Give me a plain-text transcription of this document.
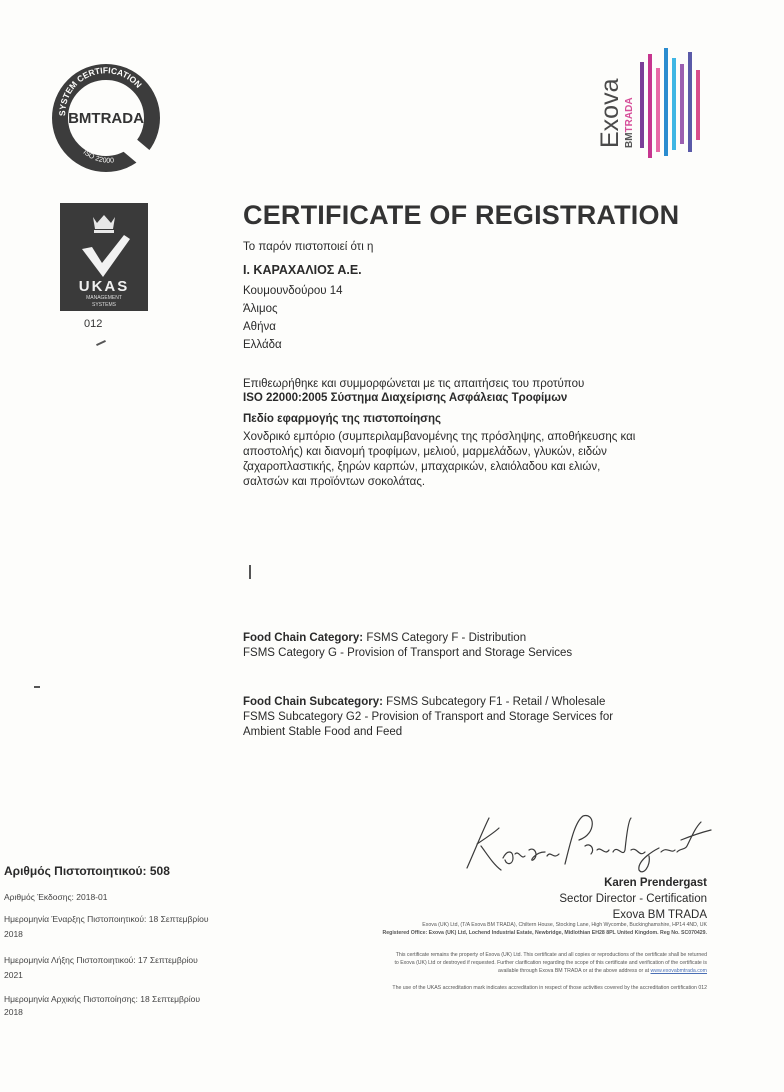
SYSTEM CERTIFICATION
ISO 22000
BMTRADA
UKAS
MANAGEMENT
SYSTEMS
012
Exova BMTRADA
CERTIFICATE OF REGISTRATION
Το παρόν πιστοποιεί ότι η
Ι. ΚΑΡΑΧΑΛΙΟΣ Α.Ε.
Κουμουνδούρου 14
Άλιμος
Αθήνα
Ελλάδα
Επιθεωρήθηκε και συμμορφώνεται με τις απαιτήσεις του προτύπου
ISO 22000:2005 Σύστημα Διαχείρισης Ασφάλειας Τροφίμων
Πεδίο εφαρμογής της πιστοποίησης
Χονδρικό εμπόριο (συμπεριλαμβανομένης της πρόσληψης, αποθήκευσης και
αποστολής) και διανομή τροφίμων, μελιού, μαρμελάδων, γλυκών, ειδών
ζαχαροπλαστικής, ξηρών καρπών, μπαχαρικών, ελαιόλαδου και ελιών,
σαλτσών και προϊόντων σοκολάτας.
Food Chain Category: FSMS Category F - Distribution
FSMS Category G - Provision of Transport and Storage Services
Food Chain Subcategory: FSMS Subcategory F1 - Retail / Wholesale
FSMS Subcategory G2 - Provision of Transport and Storage Services for
Ambient Stable Food and Feed
Αριθμός Πιστοποιητικού: 508
Αριθμός Έκδοσης: 2018-01
Ημερομηνία Έναρξης Πιστοποιητικού: 18 Σεπτεμβρίου
2018
Ημερομηνία Λήξης Πιστοποιητικού: 17 Σεπτεμβρίου
2021
Ημερομηνία Αρχικής Πιστοποίησης: 18 Σεπτεμβρίου
2018
Karen Prendergast
Sector Director - Certification
Exova BM TRADA
Exova (UK) Ltd, (T/A Exova BM TRADA), Chiltern House, Stocking Lane, High Wycombe, Buckinghamshire, HP14 4ND, UK
Registered Office: Exova (UK) Ltd, Lochend Industrial Estate, Newbridge, Midlothian EH28 8PL United Kingdom. Reg No. SC070429.
This certificate remains the property of Exova (UK) Ltd. This certificate and all copies or reproductions of the certificate shall be returned
to Exova (UK) Ltd or destroyed if requested. Further clarification regarding the scope of this certificate and verification of the certificate is
available through Exova BM TRADA or at the above address or at www.exovabmtrada.com
The use of the UKAS accreditation mark indicates accreditation in respect of those activities covered by the accreditation certification 012
